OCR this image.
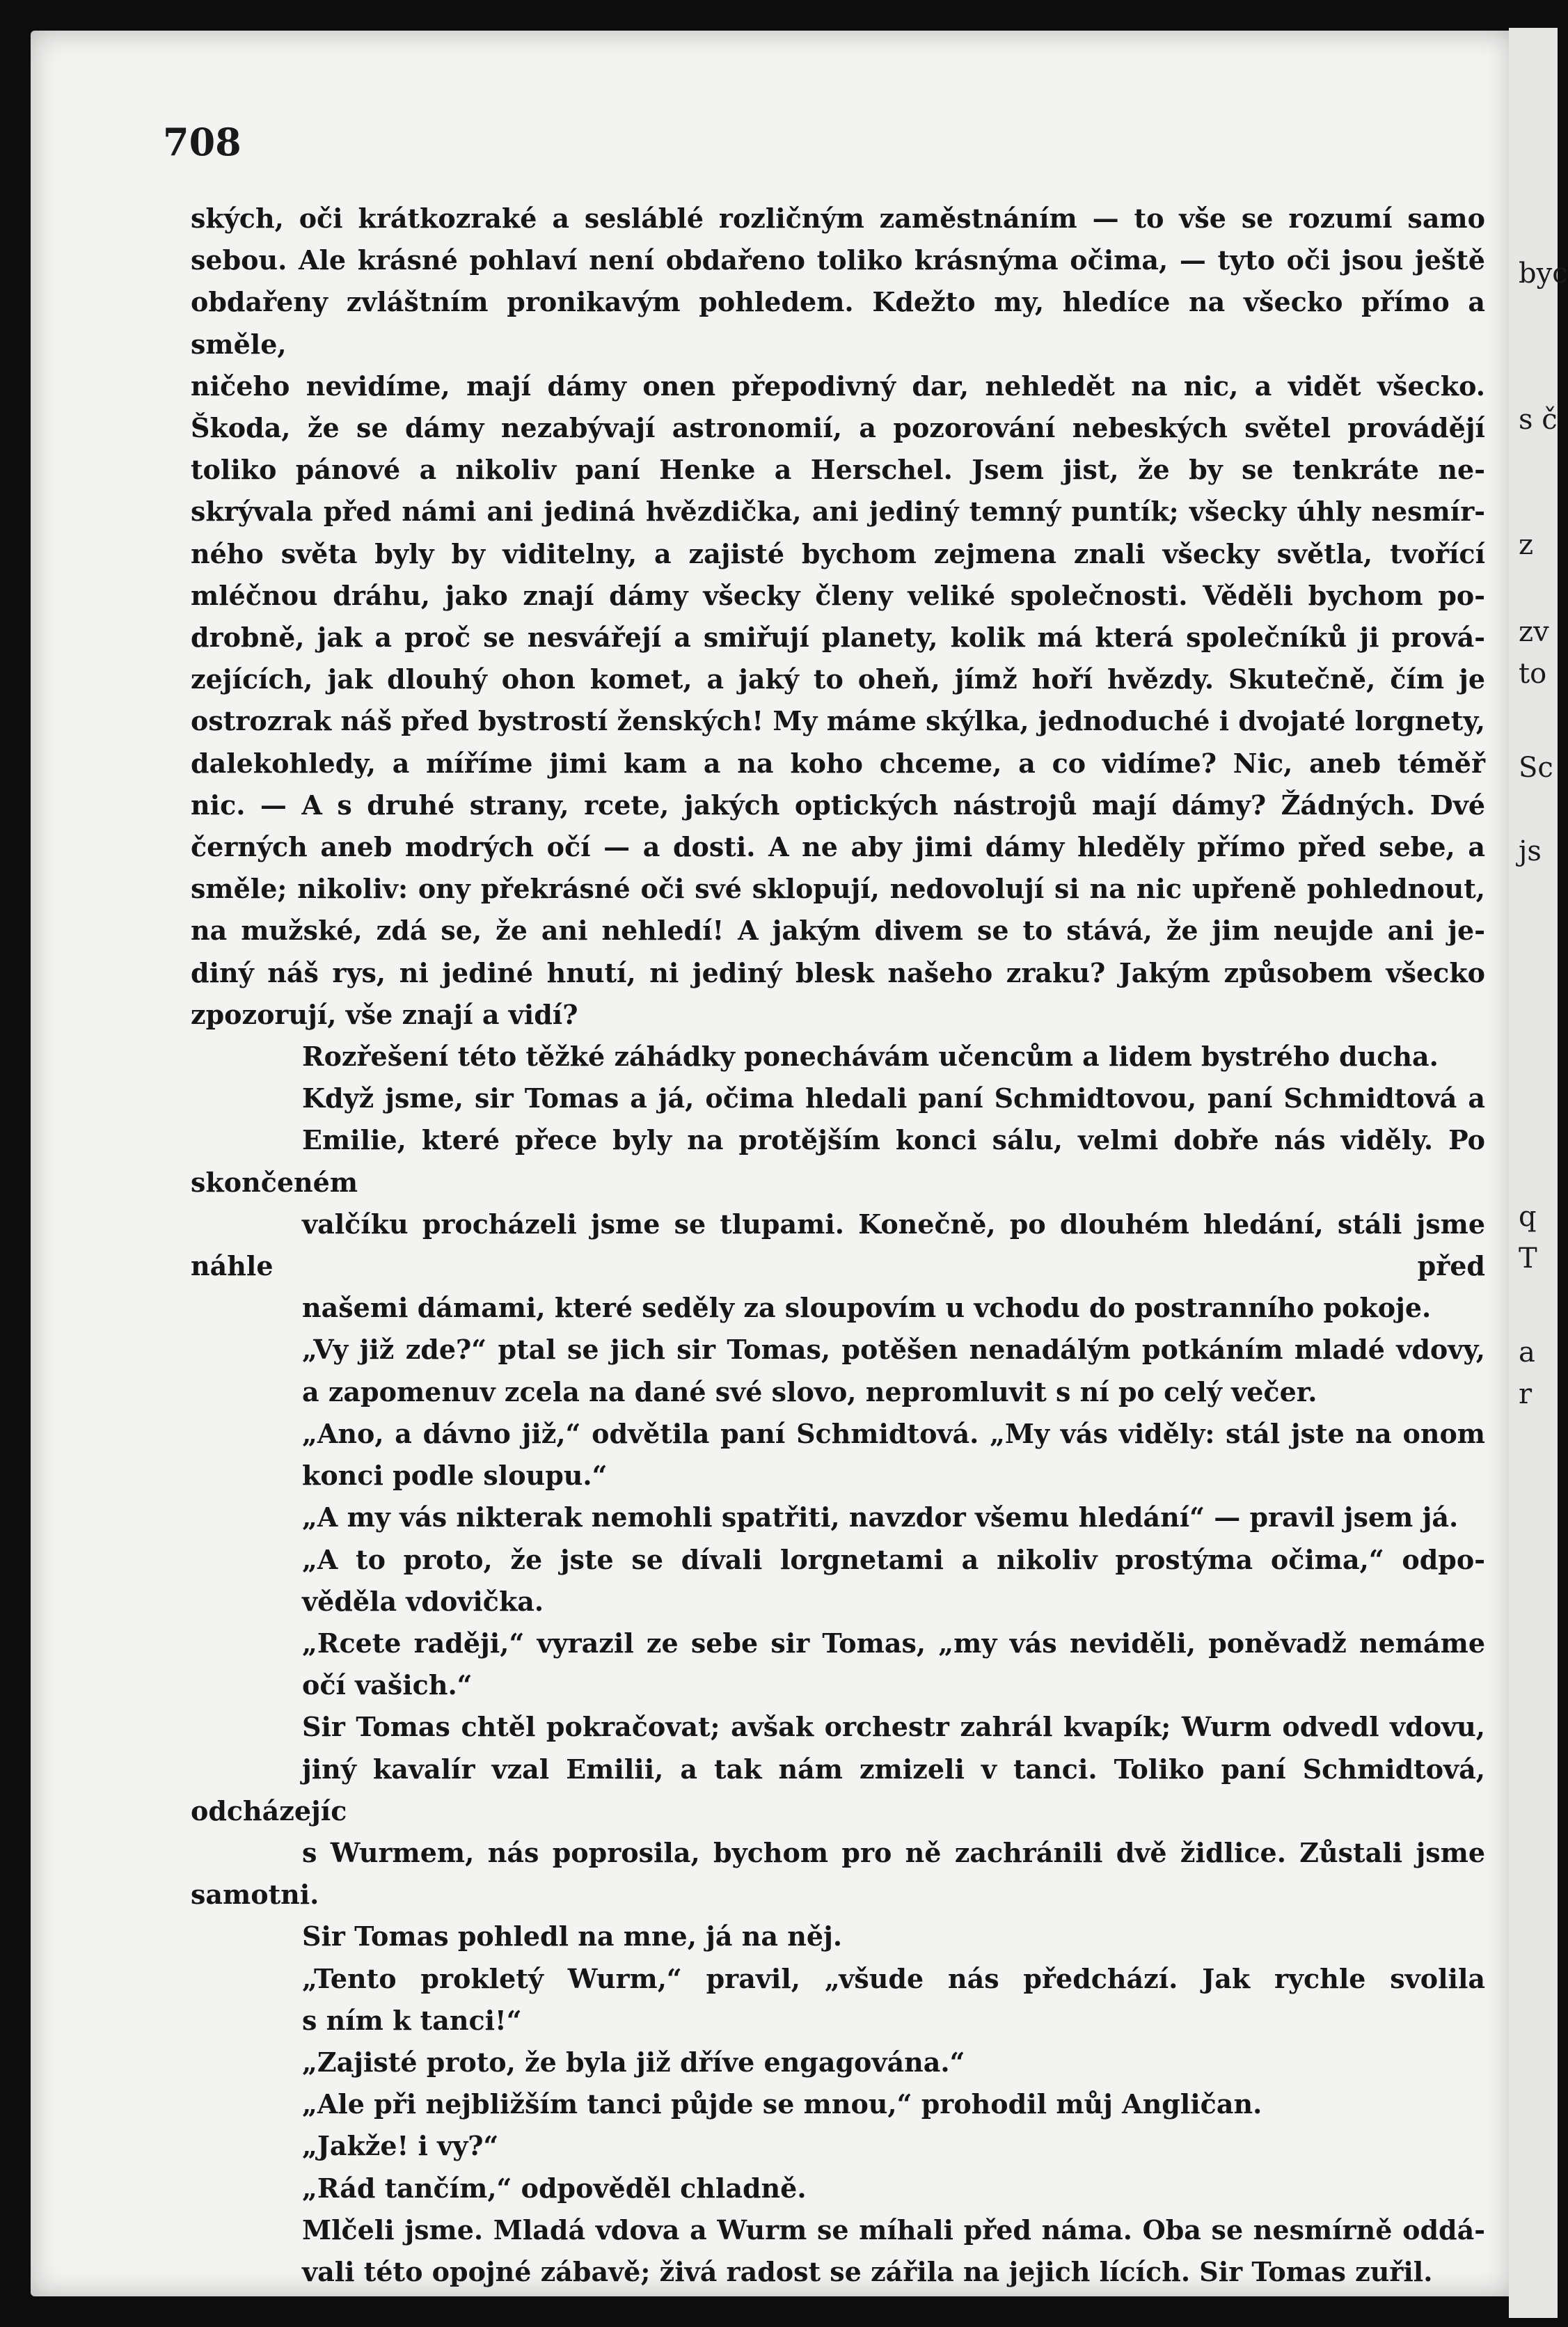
708
ských, oči krátkozraké a sesláblé rozličným zaměstnáním — to vše se rozumí samo
sebou. Ale krásné pohlaví není obdařeno toliko krásnýma očima, — tyto oči jsou ještě
obdařeny zvláštním pronikavým pohledem. Kdežto my, hledíce na všecko přímo a směle,
ničeho nevidíme, mají dámy onen přepodivný dar, nehledět na nic, a vidět všecko.
Škoda, že se dámy nezabývají astronomií, a pozorování nebeských světel provádějí
toliko pánové a nikoliv paní Henke a Herschel. Jsem jist, že by se tenkráte ne-
skrývala před námi ani jediná hvězdička, ani jediný temný puntík; všecky úhly nesmír-
ného světa byly by viditelny, a zajisté bychom zejmena znali všecky světla, tvořící
mléčnou dráhu, jako znají dámy všecky členy veliké společnosti. Věděli bychom po-
drobně, jak a proč se nesvářejí a smiřují planety, kolik má která společníků ji prová-
zejících, jak dlouhý ohon komet, a jaký to oheň, jímž hoří hvězdy. Skutečně, čím je
ostrozrak náš před bystrostí ženských! My máme skýlka, jednoduché i dvojaté lorgnety,
dalekohledy, a míříme jimi kam a na koho chceme, a co vidíme? Nic, aneb téměř
nic. — A s druhé strany, rcete, jakých optických nástrojů mají dámy? Žádných. Dvé
černých aneb modrých očí — a dosti. A ne aby jimi dámy hleděly přímo před sebe, a
směle; nikoliv: ony překrásné oči své sklopují, nedovolují si na nic upřeně pohlednout,
na mužské, zdá se, že ani nehledí! A jakým divem se to stává, že jim neujde ani je-
diný náš rys, ni jediné hnutí, ni jediný blesk našeho zraku? Jakým způsobem všecko
zpozorují, vše znají a vidí?
Rozřešení této těžké záhádky ponechávám učencům a lidem bystrého ducha.
Když jsme, sir Tomas a já, očima hledali paní Schmidtovou, paní Schmidtová a
Emilie, které přece byly na protějším konci sálu, velmi dobře nás viděly. Po skončeném
valčíku procházeli jsme se tlupami. Konečně, po dlouhém hledání, stáli jsme náhle před
našemi dámami, které seděly za sloupovím u vchodu do postranního pokoje.
„Vy již zde?“ ptal se jich sir Tomas, potěšen nenadálým potkáním mladé vdovy,
a zapomenuv zcela na dané své slovo, nepromluvit s ní po celý večer.
„Ano, a dávno již,“ odvětila paní Schmidtová. „My vás viděly: stál jste na onom
konci podle sloupu.“
„A my vás nikterak nemohli spatřiti, navzdor všemu hledání“ — pravil jsem já.
„A to proto, že jste se dívali lorgnetami a nikoliv prostýma očima,“ odpo-
věděla vdovička.
„Rcete raději,“ vyrazil ze sebe sir Tomas, „my vás neviděli, poněvadž nemáme
očí vašich.“
Sir Tomas chtěl pokračovat; avšak orchestr zahrál kvapík; Wurm odvedl vdovu,
jiný kavalír vzal Emilii, a tak nám zmizeli v tanci. Toliko paní Schmidtová, odcházejíc
s Wurmem, nás poprosila, bychom pro ně zachránili dvě židlice. Zůstali jsme samotni.
Sir Tomas pohledl na mne, já na něj.
„Tento prokletý Wurm,“ pravil, „všude nás předchází. Jak rychle svolila
s ním k tanci!“
„Zajisté proto, že byla již dříve engagována.“
„Ale při nejbližším tanci půjde se mnou,“ prohodil můj Angličan.
„Jakže! i vy?“
„Rád tančím,“ odpověděl chladně.
Mlčeli jsme. Mladá vdova a Wurm se míhali před náma. Oba se nesmírně oddá-
vali této opojné zábavě; živá radost se zářila na jejich lících. Sir Tomas zuřil.
byc
s č
z
zv
to
Sc
js
q
T
a
r
